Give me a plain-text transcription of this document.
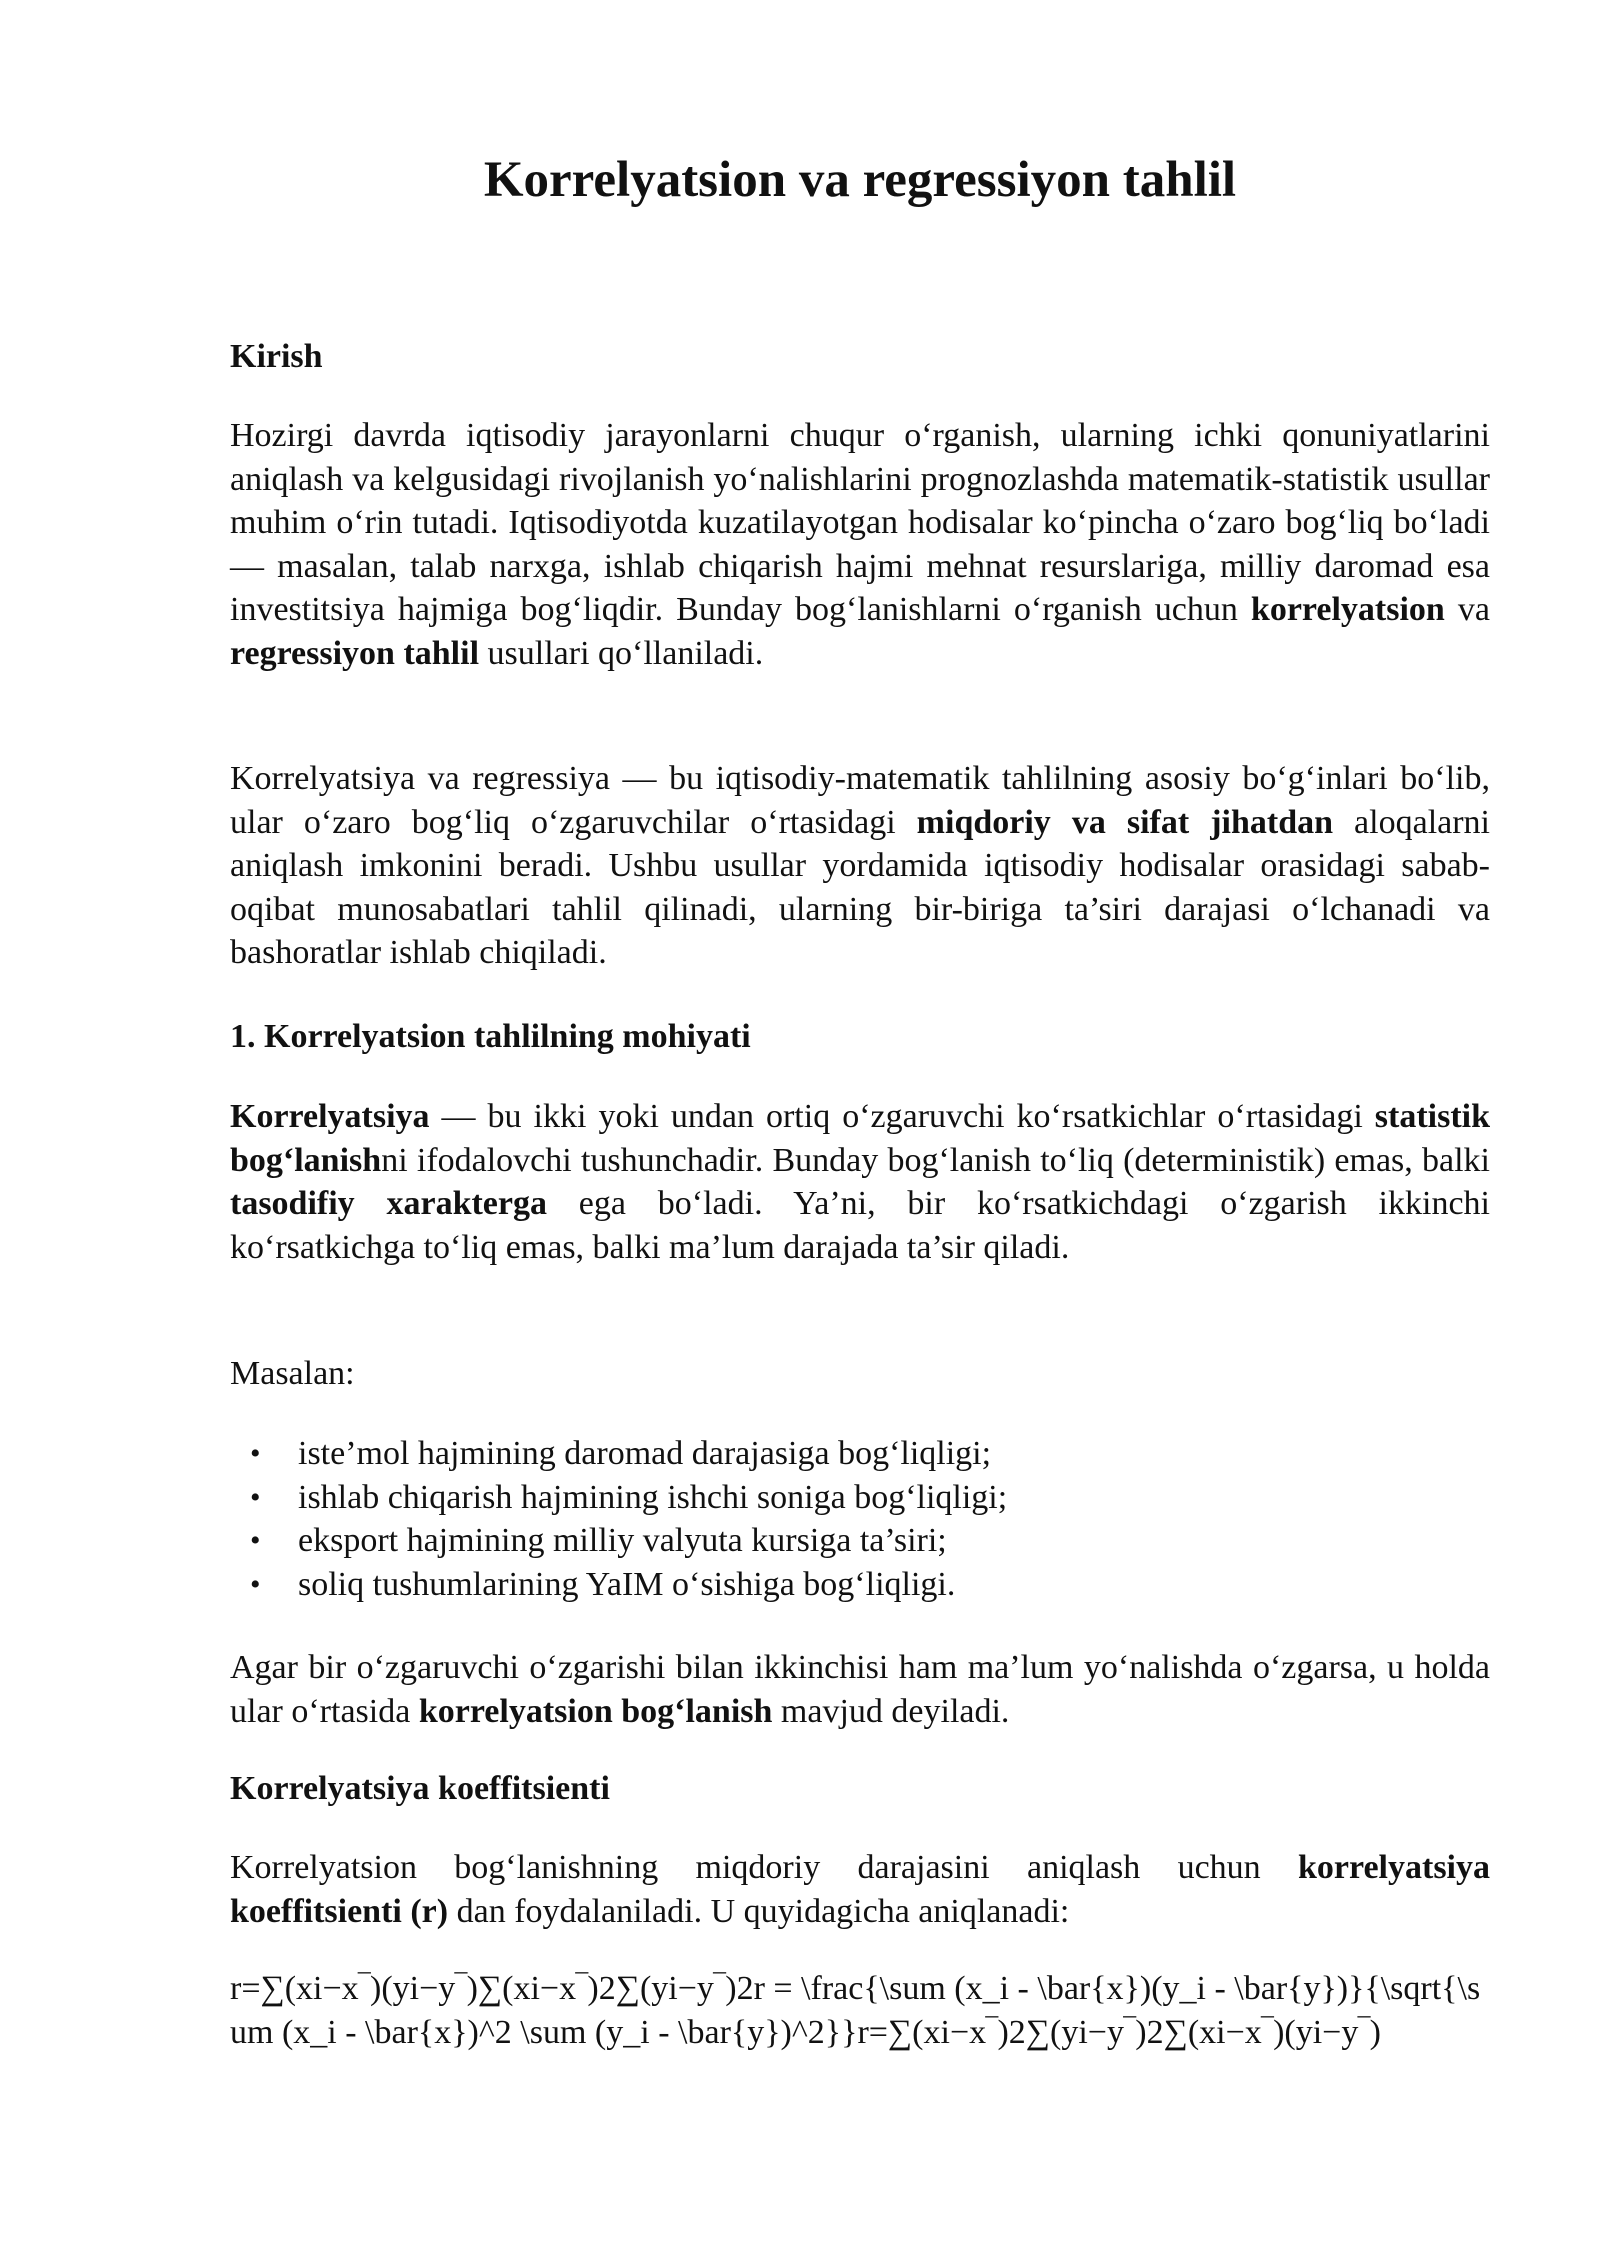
Korrelyatsion va regressiyon tahlil

Kirish

Hozirgi davrda iqtisodiy jarayonlarni chuqur o‘rganish, ularning ichki qonuniyatlarini aniqlash va kelgusidagi rivojlanish yo‘nalishlarini prognozlashda matematik-statistik usullar muhim o‘rin tutadi. Iqtisodiyotda kuzatilayotgan hodisalar ko‘pincha o‘zaro bog‘liq bo‘ladi — masalan, talab narxga, ishlab chiqarish hajmi mehnat resurslariga, milliy daromad esa investitsiya hajmiga bog‘liqdir. Bunday bog‘lanishlarni o‘rganish uchun korrelyatsion va regressiyon tahlil usullari qo‘llaniladi.

Korrelyatsiya va regressiya — bu iqtisodiy-matematik tahlilning asosiy bo‘g‘inlari bo‘lib, ular o‘zaro bog‘liq o‘zgaruvchilar o‘rtasidagi miqdoriy va sifat jihatdan aloqalarni aniqlash imkonini beradi. Ushbu usullar yordamida iqtisodiy hodisalar orasidagi sabab-oqibat munosabatlari tahlil qilinadi, ularning bir-biriga ta’siri darajasi o‘lchanadi va bashoratlar ishlab chiqiladi.

1. Korrelyatsion tahlilning mohiyati

Korrelyatsiya — bu ikki yoki undan ortiq o‘zgaruvchi ko‘rsatkichlar o‘rtasidagi statistik bog‘lanishni ifodalovchi tushunchadir. Bunday bog‘lanish to‘liq (deterministik) emas, balki tasodifiy xarakterga ega bo‘ladi. Ya’ni, bir ko‘rsatkichdagi o‘zgarish ikkinchi ko‘rsatkichga to‘liq emas, balki ma’lum darajada ta’sir qiladi.

Masalan:

• iste’mol hajmining daromad darajasiga bog‘liqligi;
• ishlab chiqarish hajmining ishchi soniga bog‘liqligi;
• eksport hajmining milliy valyuta kursiga ta’siri;
• soliq tushumlarining YaIM o‘sishiga bog‘liqligi.

Agar bir o‘zgaruvchi o‘zgarishi bilan ikkinchisi ham ma’lum yo‘nalishda o‘zgarsa, u holda ular o‘rtasida korrelyatsion bog‘lanish mavjud deyiladi.

Korrelyatsiya koeffitsienti

Korrelyatsion bog‘lanishning miqdoriy darajasini aniqlash uchun korrelyatsiya koeffitsienti (r) dan foydalaniladi. U quyidagicha aniqlanadi:

r=∑(xi−x‾)(yi−y‾)∑(xi−x‾)2∑(yi−y‾)2r = \frac{\sum (x_i - \bar{x})(y_i - \bar{y})}{\sqrt{\sum (x_i - \bar{x})^2 \sum (y_i - \bar{y})^2}}r=∑(xi−x‾)2∑(yi−y‾)2∑(xi−x‾)(yi−y‾)
